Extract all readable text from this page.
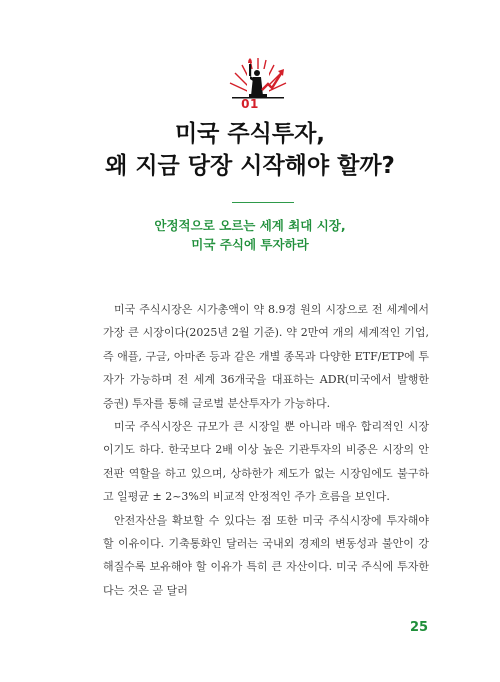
01
미국 주식투자,
왜 지금 당장 시작해야 할까?
안정적으로 오르는 세계 최대 시장,
미국 주식에 투자하라

미국 주식시장은 시가총액이 약 8.9경 원의 시장으로 전 세계에서 가장 큰 시장이다(2025년 2월 기준). 약 2만여 개의 세계적인 기업, 즉 애플, 구글, 아마존 등과 같은 개별 종목과 다양한 ETF/ETP에 투자가 가능하며 전 세계 36개국을 대표하는 ADR(미국에서 발행한 증권) 투자를 통해 글로벌 분산투자가 가능하다.

미국 주식시장은 규모가 큰 시장일 뿐 아니라 매우 합리적인 시장이기도 하다. 한국보다 2배 이상 높은 기관투자의 비중은 시장의 안전판 역할을 하고 있으며, 상하한가 제도가 없는 시장임에도 불구하고 일평균 ± 2~3%의 비교적 안정적인 주가 흐름을 보인다.

안전자산을 확보할 수 있다는 점 또한 미국 주식시장에 투자해야 할 이유이다. 기축통화인 달러는 국내외 경제의 변동성과 불안이 강해질수록 보유해야 할 이유가 특히 큰 자산이다. 미국 주식에 투자한다는 것은 곧 달러

25
